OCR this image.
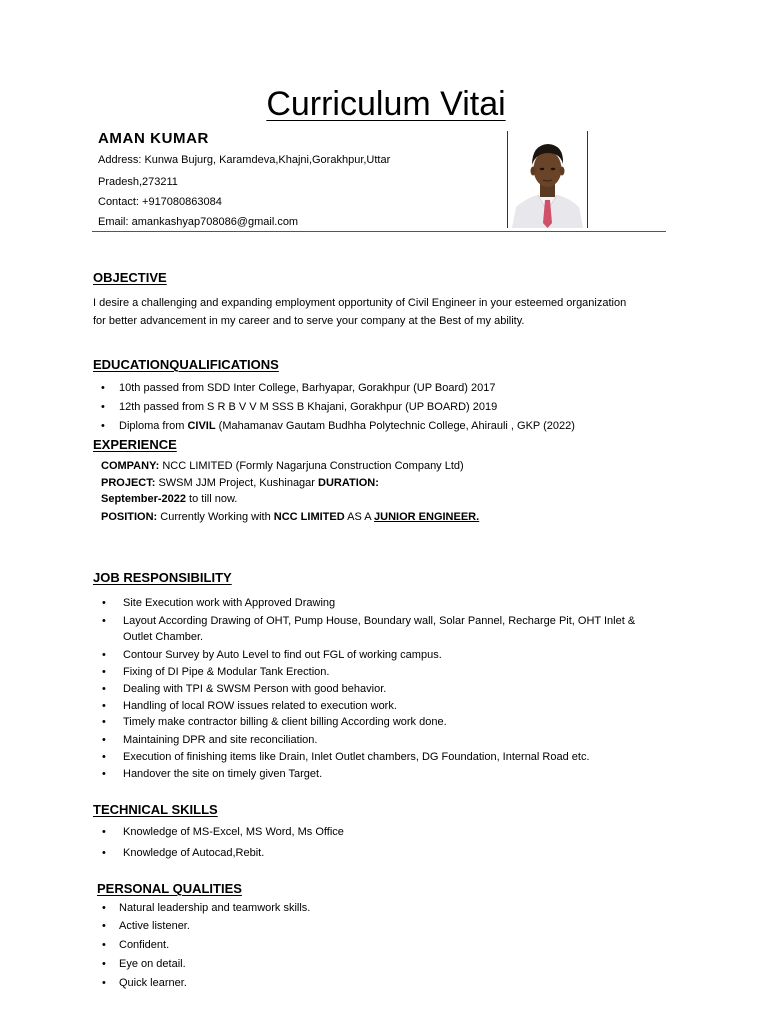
Curriculum Vitai
AMAN KUMAR
Address: Kunwa Bujurg, Karamdeva,Khajni,Gorakhpur,Uttar
Pradesh,273211
Contact: +917080863084
Email: amankashyap708086@gmail.com
OBJECTIVE
I desire a challenging and expanding employment opportunity of Civil Engineer in your esteemed organization
for better advancement in my career and to serve your company at the Best of my ability.
EDUCATIONQUALIFICATIONS
• 10th passed from SDD Inter College, Barhyapar, Gorakhpur (UP Board) 2017
• 12th passed from S R B V V M SSS B Khajani, Gorakhpur (UP BOARD) 2019
• Diploma from CIVIL (Mahamanav Gautam Budhha Polytechnic College, Ahirauli , GKP (2022)
EXPERIENCE
COMPANY: NCC LIMITED (Formly Nagarjuna Construction Company Ltd)
PROJECT: SWSM JJM Project, Kushinagar DURATION:
September-2022 to till now.
POSITION: Currently Working with NCC LIMITED AS A JUNIOR ENGINEER.
JOB RESPONSIBILITY
• Site Execution work with Approved Drawing
• Layout According Drawing of OHT, Pump House, Boundary wall, Solar Pannel, Recharge Pit, OHT Inlet &
Outlet Chamber.
• Contour Survey by Auto Level to find out FGL of working campus.
• Fixing of DI Pipe & Modular Tank Erection.
• Dealing with TPI & SWSM Person with good behavior.
• Handling of local ROW issues related to execution work.
• Timely make contractor billing & client billing According work done.
• Maintaining DPR and site reconciliation.
• Execution of finishing items like Drain, Inlet Outlet chambers, DG Foundation, Internal Road etc.
• Handover the site on timely given Target.
TECHNICAL SKILLS
• Knowledge of MS-Excel, MS Word, Ms Office
• Knowledge of Autocad,Rebit.
PERSONAL QUALITIES
• Natural leadership and teamwork skills.
• Active listener.
• Confident.
• Eye on detail.
• Quick learner.
